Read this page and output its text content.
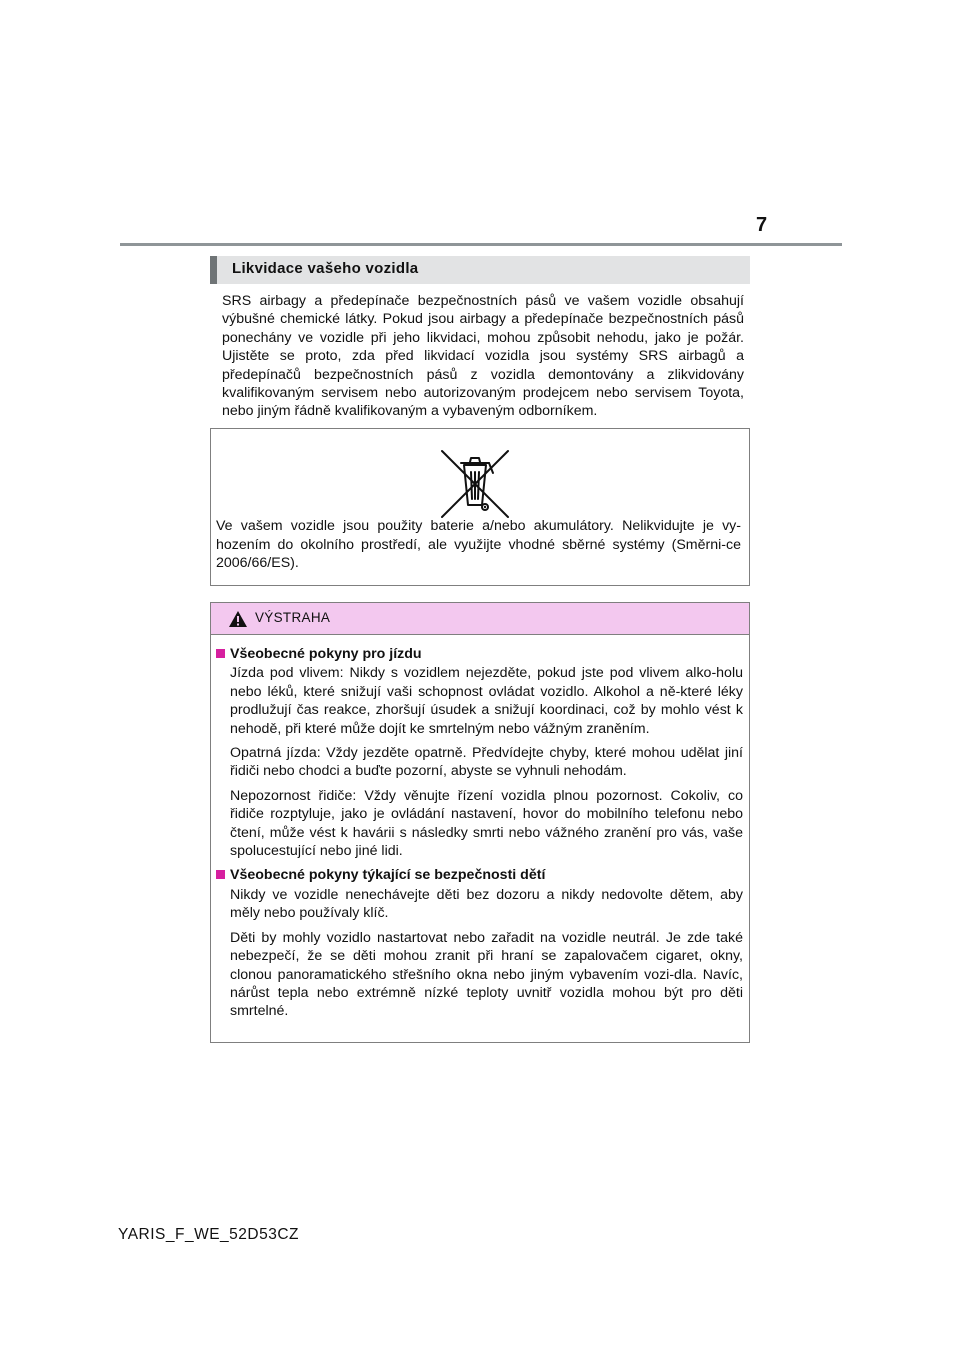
7
Likvidace vašeho vozidla
SRS airbagy a předepínače bezpečnostních pásů ve vašem vozidle obsahují výbušné chemické látky. Pokud jsou airbagy a předepínače bezpečnostních pásů ponechány ve vozidle při jeho likvidaci, mohou způsobit nehodu, jako je požár. Ujistěte se proto, zda před likvidací vozidla jsou systémy SRS airbagů a předepínačů bezpečnostních pásů z vozidla demontovány a zlikvidovány kvalifikovaným servisem nebo autorizovaným prodejcem nebo servisem Toyota, nebo jiným řádně kvalifikovaným a vybaveným odborníkem.
Ve vašem vozidle jsou použity baterie a/nebo akumulátory. Nelikvidujte je vy-hozením do okolního prostředí, ale využijte vhodné sběrné systémy (Směrni-ce 2006/66/ES).
VÝSTRAHA
Všeobecné pokyny pro jízdu

Jízda pod vlivem: Nikdy s vozidlem nejezděte, pokud jste pod vlivem alko-holu nebo léků, které snižují vaši schopnost ovládat vozidlo. Alkohol a ně-které léky prodlužují čas reakce, zhoršují úsudek a snižují koordinaci, což by mohlo vést k nehodě, při které může dojít ke smrtelným nebo vážným zraněním.

Opatrná jízda: Vždy jezděte opatrně. Předvídejte chyby, které mohou udělat jiní řidiči nebo chodci a buďte pozorní, abyste se vyhnuli nehodám.

Nepozornost řidiče: Vždy věnujte řízení vozidla plnou pozornost. Cokoliv, co řidiče rozptyluje, jako je ovládání nastavení, hovor do mobilního telefonu nebo čtení, může vést k havárii s následky smrti nebo vážného zranění pro vás, vaše spolucestující nebo jiné lidi.

Všeobecné pokyny týkající se bezpečnosti dětí

Nikdy ve vozidle nenechávejte děti bez dozoru a nikdy nedovolte dětem, aby měly nebo používaly klíč.

Děti by mohly vozidlo nastartovat nebo zařadit na vozidle neutrál. Je zde také nebezpečí, že se děti mohou zranit při hraní se zapalovačem cigaret, okny, clonou panoramatického střešního okna nebo jiným vybavením vozi-dla. Navíc, nárůst tepla nebo extrémně nízké teploty uvnitř vozidla mohou být pro děti smrtelné.

YARIS_F_WE_52D53CZ
